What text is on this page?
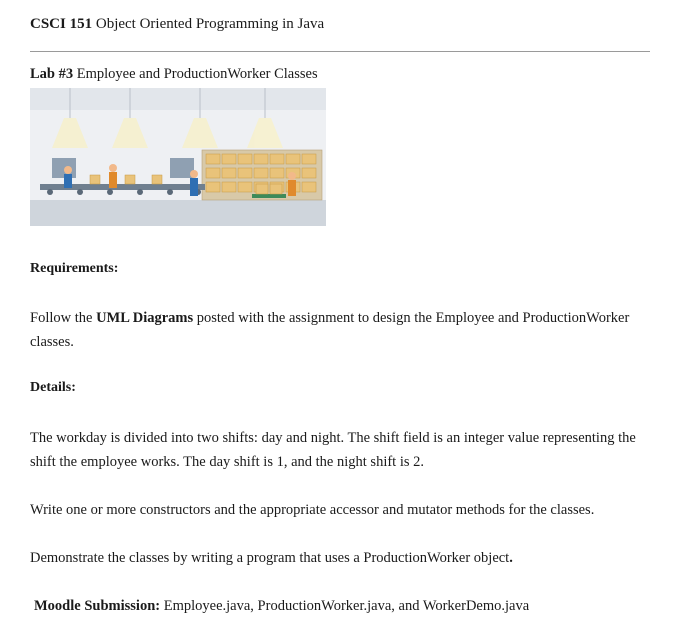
CSCI 151 Object Oriented Programming in Java
Lab #3 Employee and ProductionWorker Classes
Requirements:
Follow the UML Diagrams posted with the assignment to design the Employee and ProductionWorker classes.
Details:
The workday is divided into two shifts: day and night. The shift field is an integer value representing the shift the employee works. The day shift is 1, and the night shift is 2.
Write one or more constructors and the appropriate accessor and mutator methods for the classes.
Demonstrate the classes by writing a program that uses a ProductionWorker object.
Moodle Submission: Employee.java, ProductionWorker.java, and WorkerDemo.java
